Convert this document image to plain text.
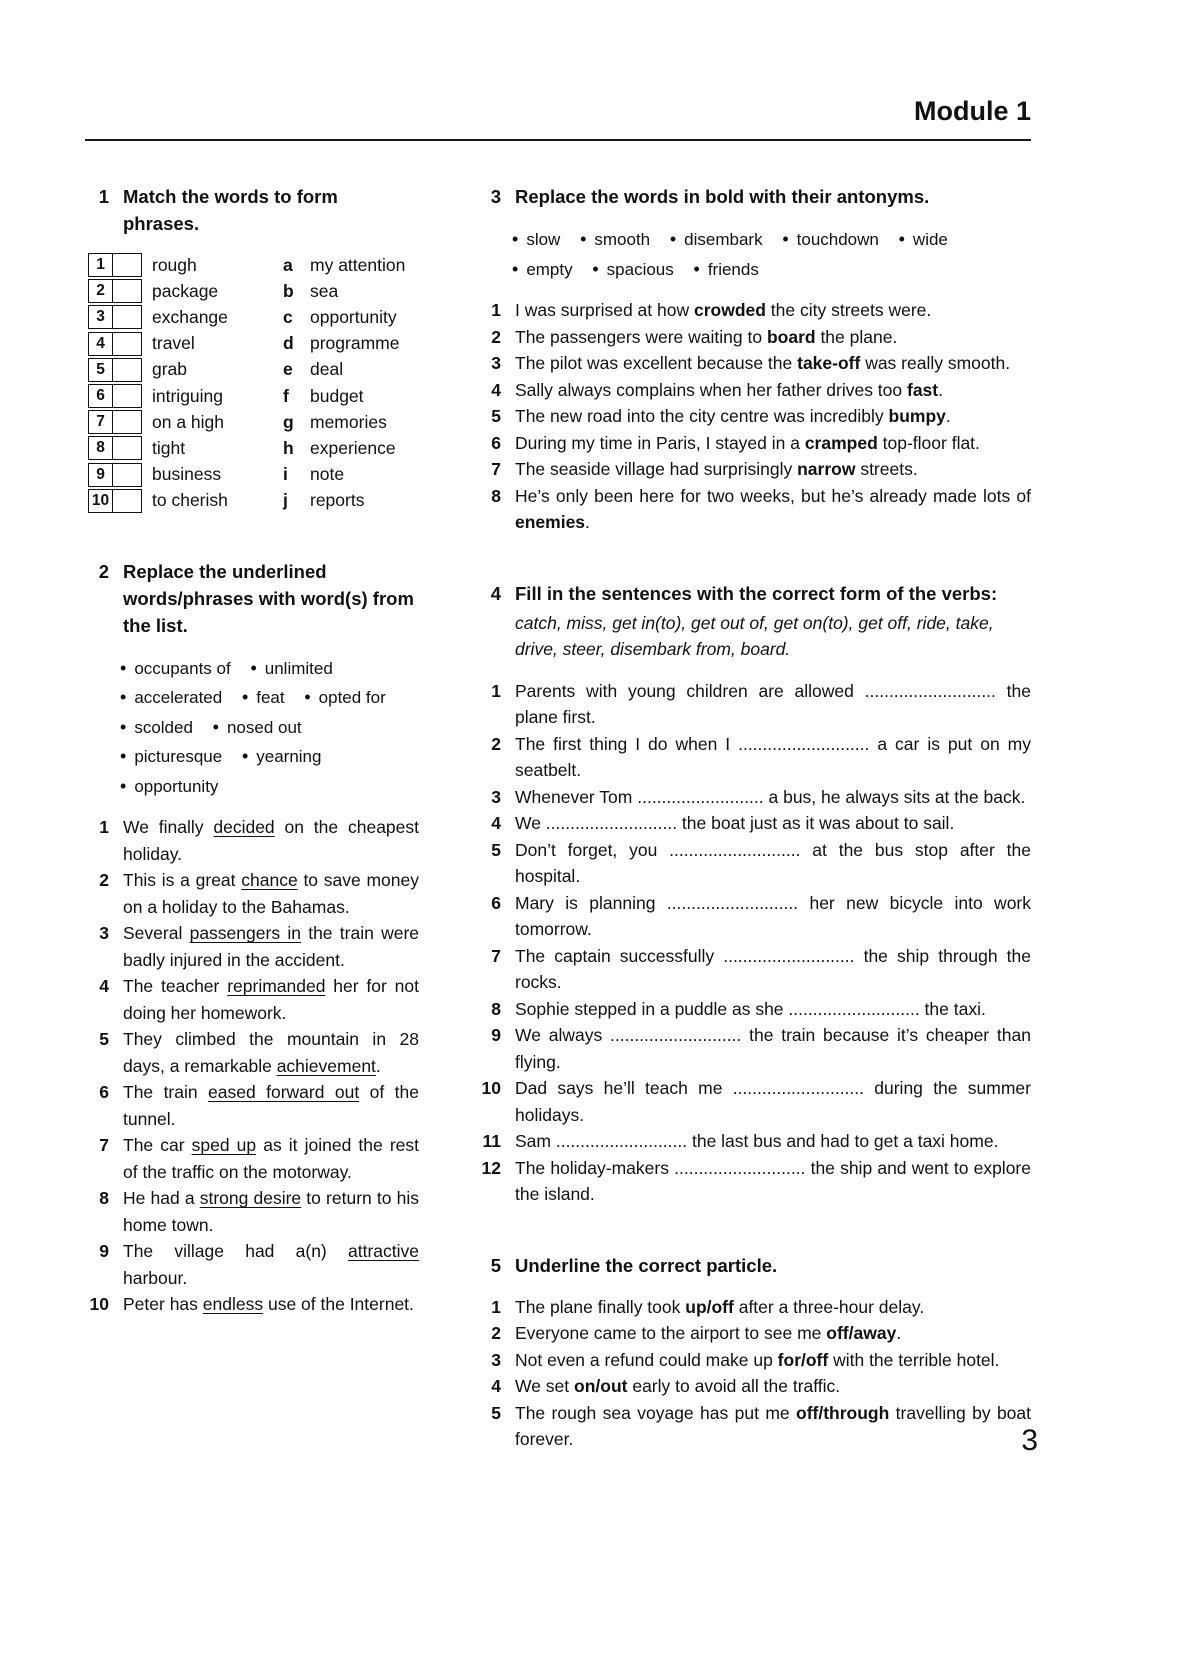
Module 1
1 Match the words to form phrases.
1	rough	a my attention
2	package	b sea
3	exchange	c opportunity
4	travel	d programme
5	grab	e deal
6	intriguing	f	budget
7	on a high	g memories
8	tight	h experience
9	business	i	note
10 to cherish	j	reports
2 Replace the underlined words/phrases with word(s) from the list.
• occupants of • unlimited • accelerated • feat • opted for • scolded • nosed out • picturesque • yearning • opportunity
1 We finally decided on the cheapest holiday.
2 This is a great chance to save money on a holiday to the Bahamas.
3 Several passengers in the train were badly injured in the accident.
4 The teacher reprimanded her for not doing her homework.
5 They climbed the mountain in 28 days, a remarkable achievement.
6 The train eased forward out of the tunnel.
7 The car sped up as it joined the rest of the traffic on the motorway.
8 He had a strong desire to return to his home town.
9 The village had a(n) attractive harbour.
10 Peter has endless use of the Internet.
3 Replace the words in bold with their antonyms.
• slow • smooth • disembark • touchdown • wide • empty • spacious • friends
1 I was surprised at how crowded the city streets were.
2 The passengers were waiting to board the plane.
3 The pilot was excellent because the take-off was really smooth.
4 Sally always complains when her father drives too fast.
5 The new road into the city centre was incredibly bumpy.
6 During my time in Paris, I stayed in a cramped top-floor flat.
7 The seaside village had surprisingly narrow streets.
8 He’s only been here for two weeks, but he’s already made lots of enemies.
4 Fill in the sentences with the correct form of the verbs:
catch, miss, get in(to), get out of, get on(to), get off, ride, take, drive, steer, disembark from, board.
1 Parents with young children are allowed ........................... the plane first.
2 The first thing I do when I ........................... a car is put on my seatbelt.
3 Whenever Tom .......................... a bus, he always sits at the back.
4 We ........................... the boat just as it was about to sail.
5 Don’t forget, you ........................... at the bus stop after the hospital.
6 Mary is planning ........................... her new bicycle into work tomorrow.
7 The captain successfully ........................... the ship through the rocks.
8 Sophie stepped in a puddle as she ........................... the taxi.
9 We always ........................... the train because it’s cheaper than flying.
10 Dad says he’ll teach me ........................... during the summer holidays.
11 Sam ........................... the last bus and had to get a taxi home.
12 The holiday-makers ........................... the ship and went to explore the island.
5 Underline the correct particle.
1 The plane finally took up/off after a three-hour delay.
2 Everyone came to the airport to see me off/away.
3 Not even a refund could make up for/off with the terrible hotel.
4 We set on/out early to avoid all the traffic.
5 The rough sea voyage has put me off/through travelling by boat forever.	3
